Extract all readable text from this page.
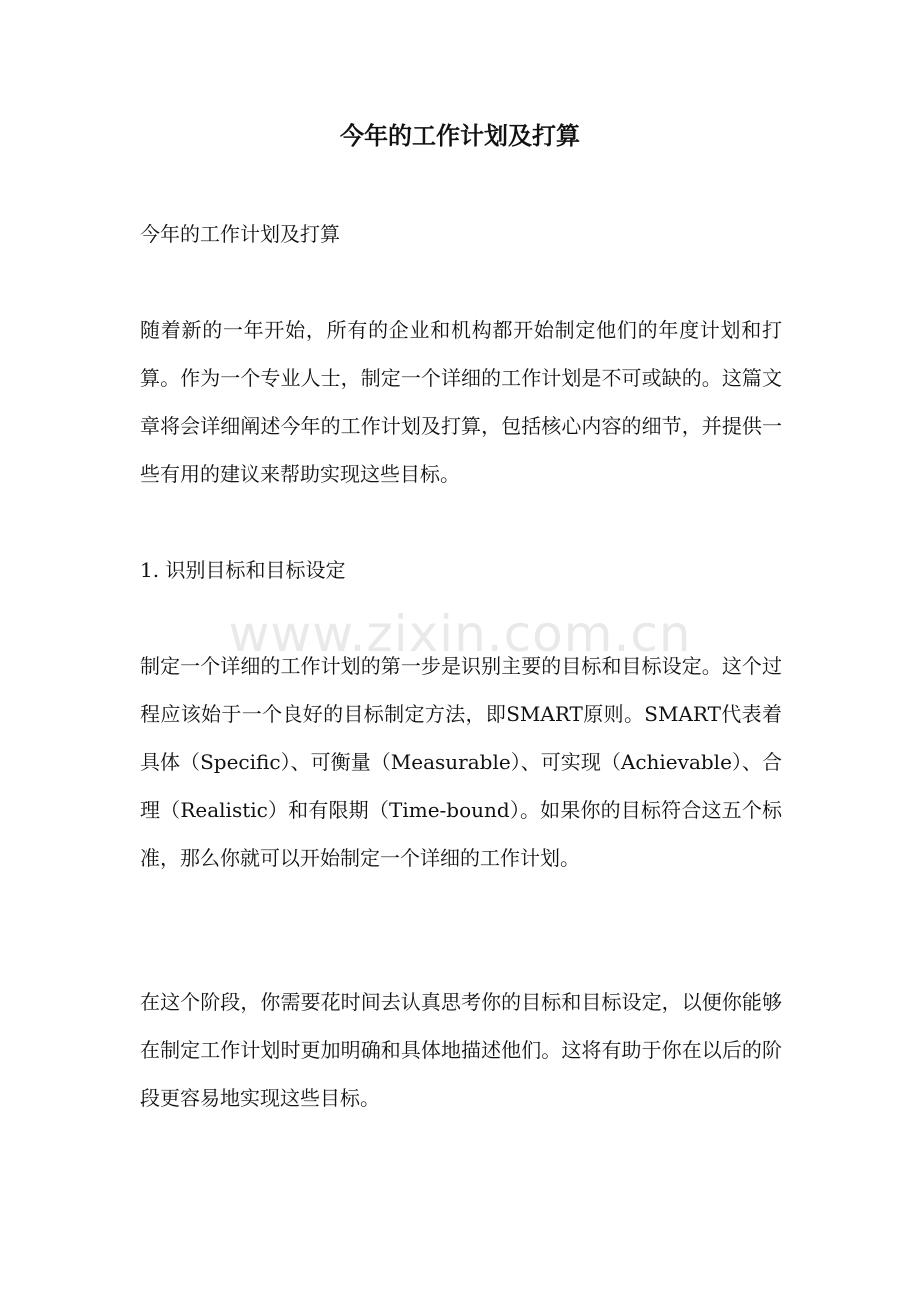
今年的工作计划及打算

今年的工作计划及打算

随着新的一年开始，所有的企业和机构都开始制定他们的年度计划和打算。作为一个专业人士，制定一个详细的工作计划是不可或缺的。这篇文章将会详细阐述今年的工作计划及打算，包括核心内容的细节，并提供一些有用的建议来帮助实现这些目标。

1. 识别目标和目标设定

制定一个详细的工作计划的第一步是识别主要的目标和目标设定。这个过程应该始于一个良好的目标制定方法，即SMART原则。SMART代表着具体（Specific）、可衡量（Measurable）、可实现（Achievable）、合理（Realistic）和有限期（Time-bound）。如果你的目标符合这五个标准，那么你就可以开始制定一个详细的工作计划。

在这个阶段，你需要花时间去认真思考你的目标和目标设定，以便你能够在制定工作计划时更加明确和具体地描述他们。这将有助于你在以后的阶段更容易地实现这些目标。

www.zixin.com.cn
